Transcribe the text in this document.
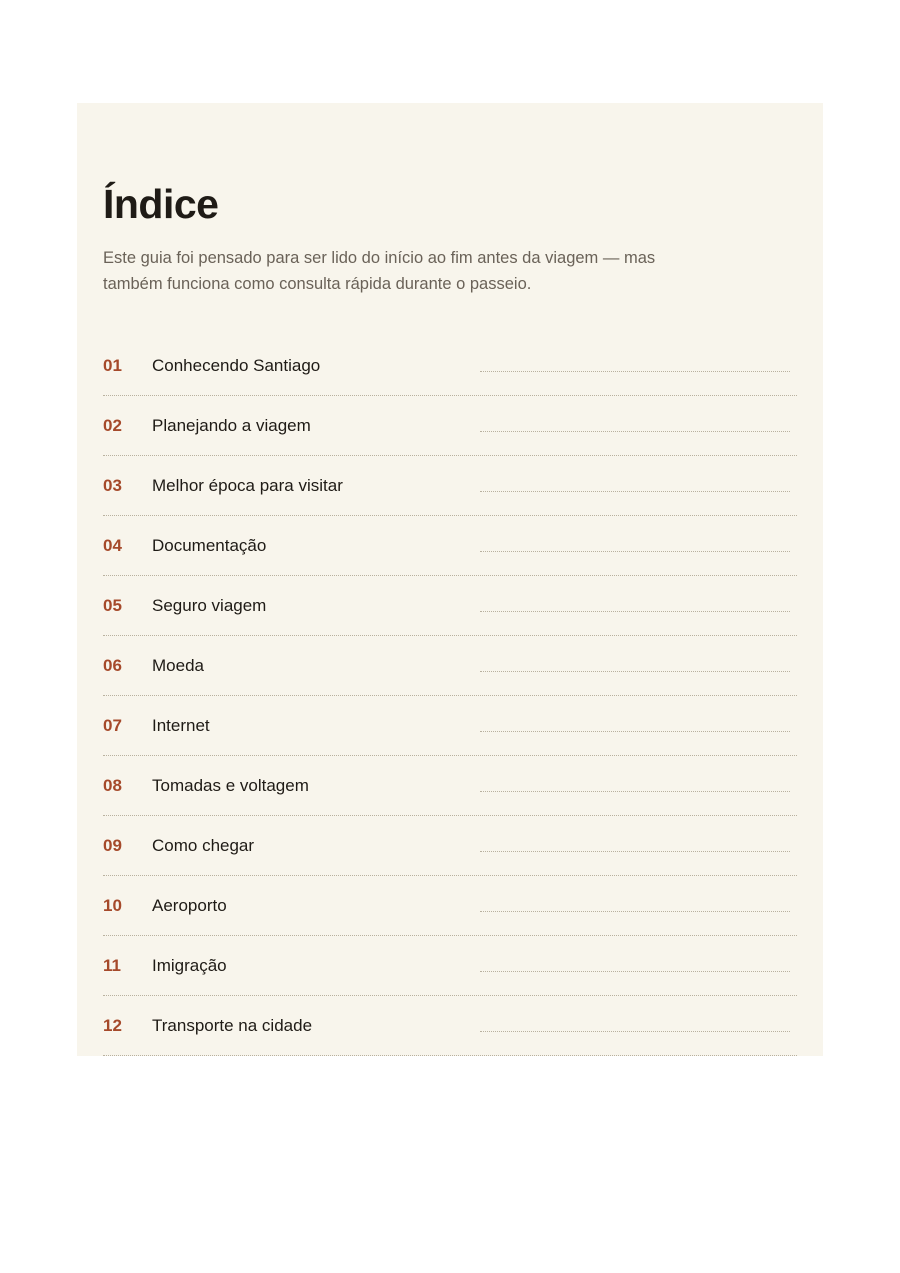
Índice

Este guia foi pensado para ser lido do início ao fim antes da viagem — mas também funciona como consulta rápida durante o passeio.

01 Conhecendo Santiago
02 Planejando a viagem
03 Melhor época para visitar
04 Documentação
05 Seguro viagem
06 Moeda
07 Internet
08 Tomadas e voltagem
09 Como chegar
10 Aeroporto
11 Imigração
12 Transporte na cidade
